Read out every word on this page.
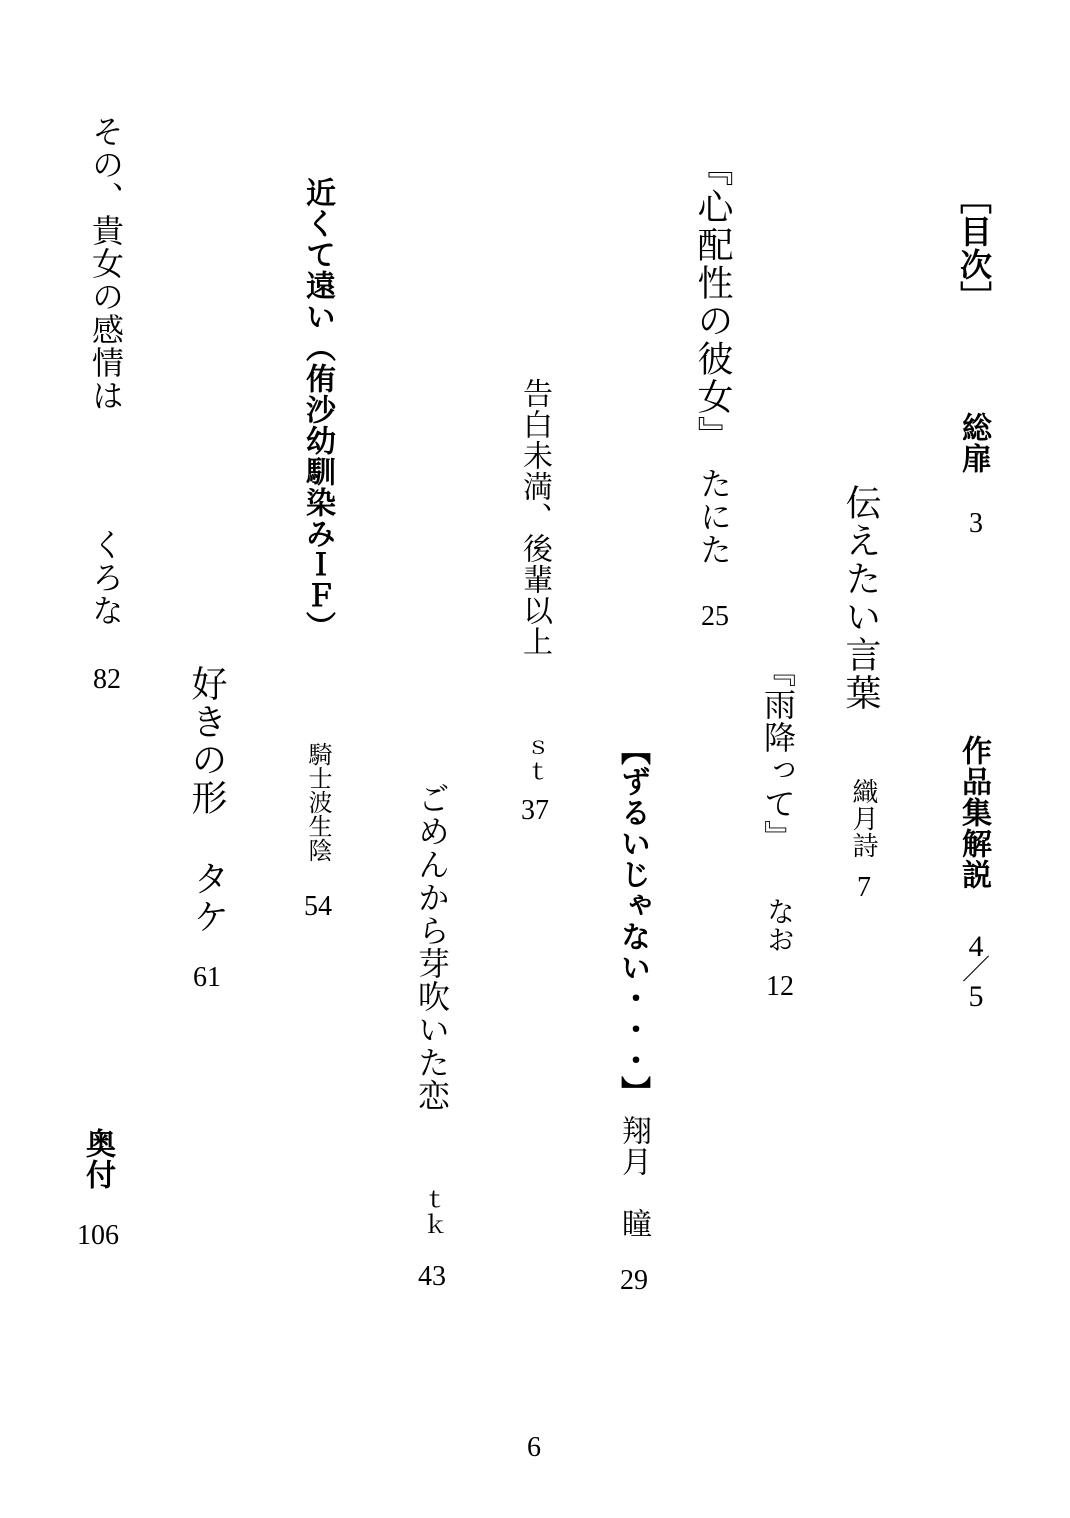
［目次］
総扉
3
作品集解説
4
／
5
伝えたい言葉
織月詩
7
『雨降って』
なお
12
『心配性の彼女』
たにた
25
【ずるいじゃない･･･】
翔月　瞳
29
告白未満、後輩以上
ｓｔ
37
ごめんから芽吹いた恋
ｔｋ
43
近くて遠い（侑沙幼馴染みＩＦ）
騎士波生陰
54
好きの形
タケ
61
その、貴女の感情は
くろな
82
奥付
106
6
